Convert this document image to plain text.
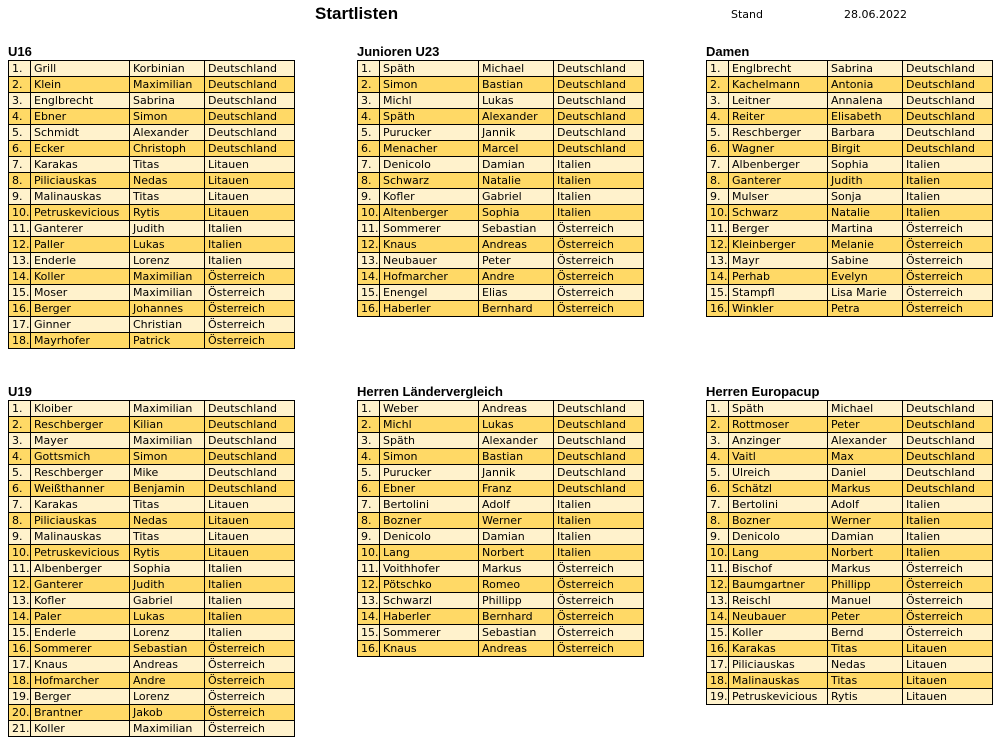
Startlisten	Stand	28.06.2022
U16
1.	Grill	Korbinian	Deutschland
2.	Klein	Maximilian	Deutschland
3.	Englbrecht	Sabrina	Deutschland
4.	Ebner	Simon	Deutschland
5.	Schmidt	Alexander	Deutschland
6.	Ecker	Christoph	Deutschland
7.	Karakas	Titas	Litauen
8.	Piliciauskas	Nedas	Litauen
9.	Malinauskas	Titas	Litauen
10.	Petruskevicious	Rytis	Litauen
11.	Ganterer	Judith	Italien
12.	Paller	Lukas	Italien
13.	Enderle	Lorenz	Italien
14.	Koller	Maximilian	Österreich
15.	Moser	Maximilian	Österreich
16.	Berger	Johannes	Österreich
17.	Ginner	Christian	Österreich
18.	Mayrhofer	Patrick	Österreich
Junioren U23
1.	Späth	Michael	Deutschland
2.	Simon	Bastian	Deutschland
3.	Michl	Lukas	Deutschland
4.	Späth	Alexander	Deutschland
5.	Purucker	Jannik	Deutschland
6.	Menacher	Marcel	Deutschland
7.	Denicolo	Damian	Italien
8.	Schwarz	Natalie	Italien
9.	Kofler	Gabriel	Italien
10.	Altenberger	Sophia	Italien
11.	Sommerer	Sebastian	Österreich
12.	Knaus	Andreas	Österreich
13.	Neubauer	Peter	Österreich
14.	Hofmarcher	Andre	Österreich
15.	Enengel	Elias	Österreich
16.	Haberler	Bernhard	Österreich
Damen
1.	Englbrecht	Sabrina	Deutschland
2.	Kachelmann	Antonia	Deutschland
3.	Leitner	Annalena	Deutschland
4.	Reiter	Elisabeth	Deutschland
5.	Reschberger	Barbara	Deutschland
6.	Wagner	Birgit	Deutschland
7.	Albenberger	Sophia	Italien
8.	Ganterer	Judith	Italien
9.	Mulser	Sonja	Italien
10.	Schwarz	Natalie	Italien
11.	Berger	Martina	Österreich
12.	Kleinberger	Melanie	Österreich
13.	Mayr	Sabine	Österreich
14.	Perhab	Evelyn	Österreich
15.	Stampfl	Lisa Marie	Österreich
16.	Winkler	Petra	Österreich
U19
1.	Kloiber	Maximilian	Deutschland
2.	Reschberger	Kilian	Deutschland
3.	Mayer	Maximilian	Deutschland
4.	Gottsmich	Simon	Deutschland
5.	Reschberger	Mike	Deutschland
6.	Weißthanner	Benjamin	Deutschland
7.	Karakas	Titas	Litauen
8.	Piliciauskas	Nedas	Litauen
9.	Malinauskas	Titas	Litauen
10.	Petruskevicious	Rytis	Litauen
11.	Albenberger	Sophia	Italien
12.	Ganterer	Judith	Italien
13.	Kofler	Gabriel	Italien
14.	Paler	Lukas	Italien
15.	Enderle	Lorenz	Italien
16.	Sommerer	Sebastian	Österreich
17.	Knaus	Andreas	Österreich
18.	Hofmarcher	Andre	Österreich
19.	Berger	Lorenz	Österreich
20.	Brantner	Jakob	Österreich
21.	Koller	Maximilian	Österreich
Herren Ländervergleich
1.	Weber	Andreas	Deutschland
2.	Michl	Lukas	Deutschland
3.	Späth	Alexander	Deutschland
4.	Simon	Bastian	Deutschland
5.	Purucker	Jannik	Deutschland
6.	Ebner	Franz	Deutschland
7.	Bertolini	Adolf	Italien
8.	Bozner	Werner	Italien
9.	Denicolo	Damian	Italien
10.	Lang	Norbert	Italien
11.	Voithhofer	Markus	Österreich
12.	Pötschko	Romeo	Österreich
13.	Schwarzl	Phillipp	Österreich
14.	Haberler	Bernhard	Österreich
15.	Sommerer	Sebastian	Österreich
16.	Knaus	Andreas	Österreich
Herren Europacup
1.	Späth	Michael	Deutschland
2.	Rottmoser	Peter	Deutschland
3.	Anzinger	Alexander	Deutschland
4.	Vaitl	Max	Deutschland
5.	Ulreich	Daniel	Deutschland
6.	Schätzl	Markus	Deutschland
7.	Bertolini	Adolf	Italien
8.	Bozner	Werner	Italien
9.	Denicolo	Damian	Italien
10.	Lang	Norbert	Italien
11.	Bischof	Markus	Österreich
12.	Baumgartner	Phillipp	Österreich
13.	Reischl	Manuel	Österreich
14.	Neubauer	Peter	Österreich
15.	Koller	Bernd	Österreich
16.	Karakas	Titas	Litauen
17.	Piliciauskas	Nedas	Litauen
18.	Malinauskas	Titas	Litauen
19.	Petruskevicious	Rytis	Litauen
